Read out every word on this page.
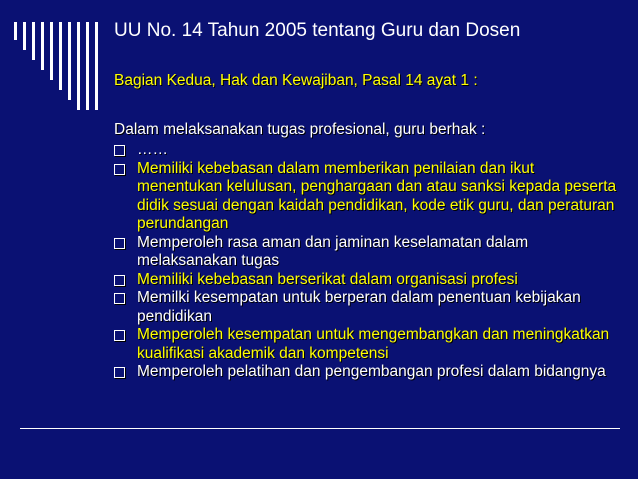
UU No. 14 Tahun 2005 tentang Guru dan Dosen
Bagian Kedua, Hak dan Kewajiban, Pasal 14 ayat 1 :
Dalam melaksanakan tugas profesional, guru berhak :
……
Memiliki kebebasan dalam memberikan penilaian dan ikut menentukan kelulusan, penghargaan dan atau sanksi kepada peserta didik sesuai dengan kaidah pendidikan, kode etik guru, dan peraturan perundangan
Memperoleh rasa aman dan jaminan keselamatan dalam melaksanakan tugas
Memiliki kebebasan berserikat dalam organisasi profesi
Memilki kesempatan untuk berperan dalam penentuan kebijakan pendidikan
Memperoleh kesempatan untuk mengembangkan dan meningkatkan kualifikasi akademik dan kompetensi
Memperoleh pelatihan dan pengembangan profesi dalam bidangnya
